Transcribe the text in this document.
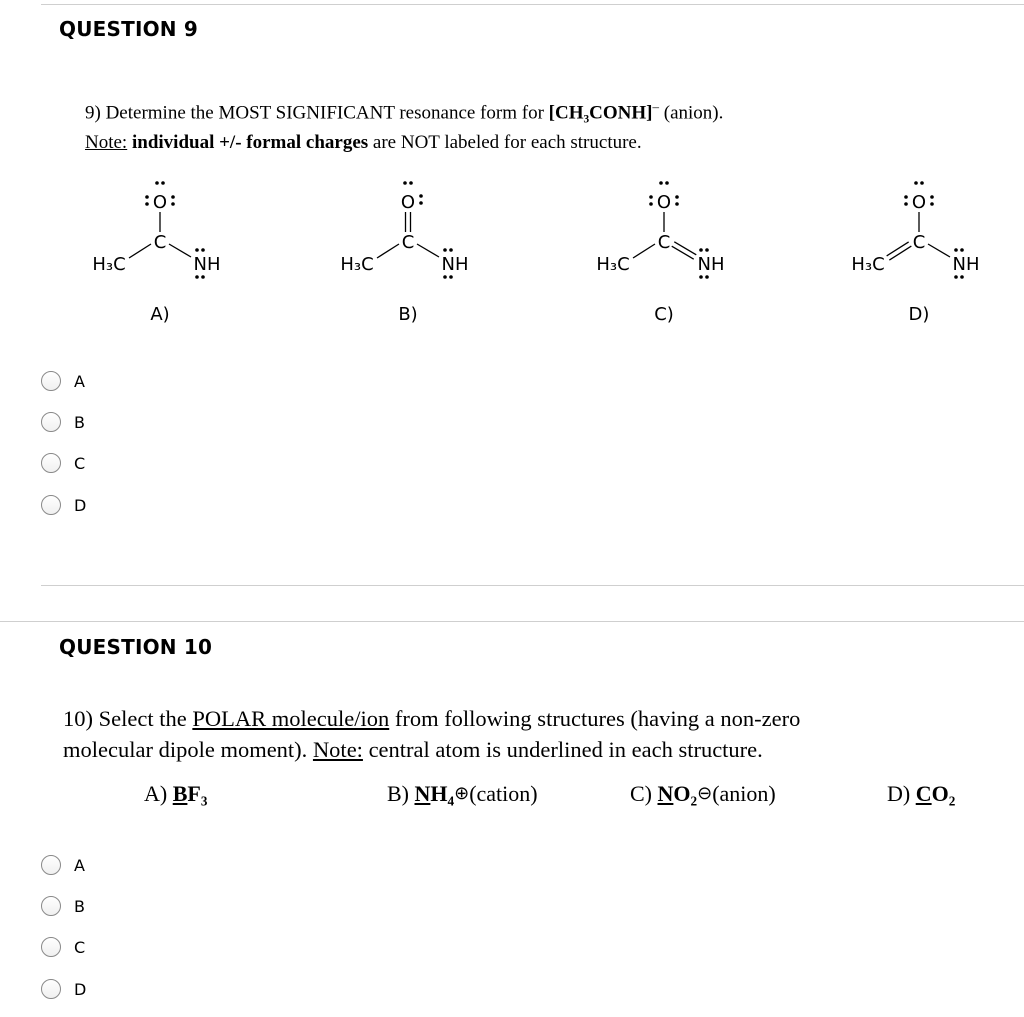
QUESTION 9
9) Determine the MOST SIGNIFICANT resonance form for [CH₃CONH]– (anion).
Note: individual +/- formal charges are NOT labeled for each structure.
O
C
H₃C	NH
A)
O
C
H₃C	NH
B)
O
C
H₃C	NH
C)
O
C
H₃C	NH
D)
A
B
C
D
QUESTION 10
10) Select the POLAR molecule/ion from following structures (having a non-zero
molecular dipole moment). Note: central atom is underlined in each structure.
A) BF₃	B) NH₄⊕(cation)	C) NO₂⊖(anion)	D) CO₂
A
B
C
D
